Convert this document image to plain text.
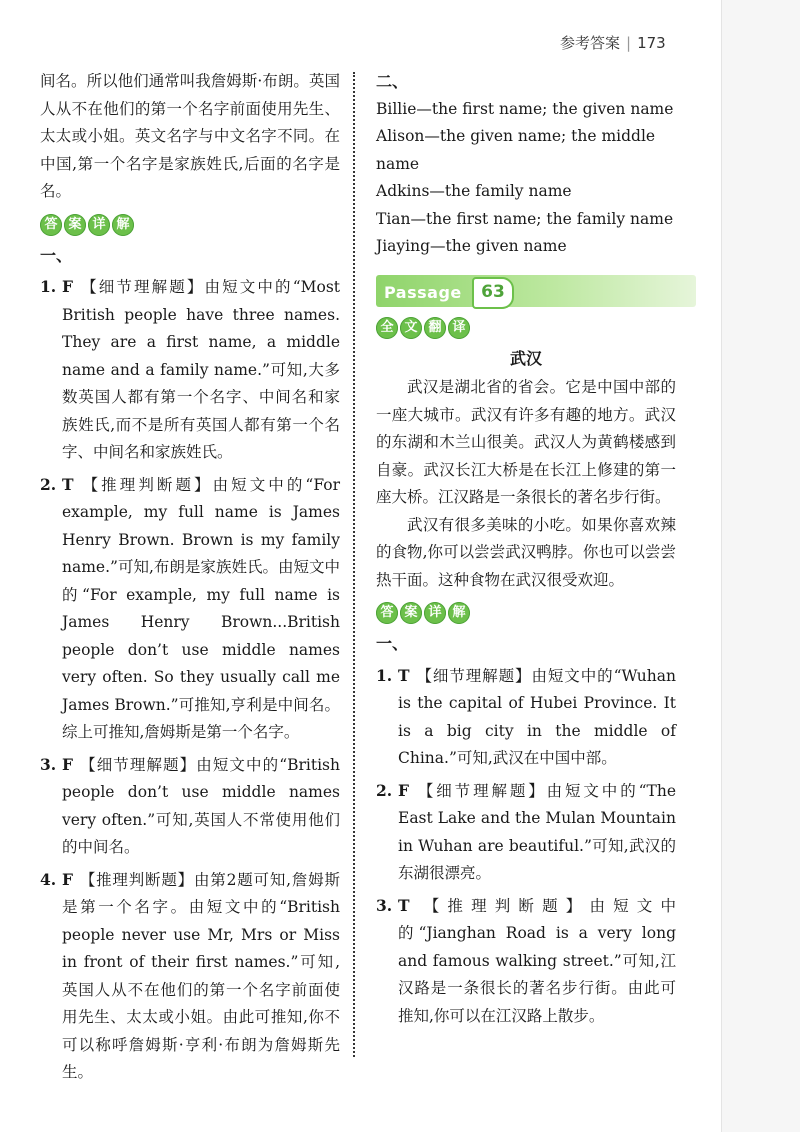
参考答案 | 173

间名。所以他们通常叫我詹姆斯·布朗。英国人从不在他们的第一个名字前面使用先生、太太或小姐。英文名字与中文名字不同。在中国,第一个名字是家族姓氏,后面的名字是名。

答 案 详 解
一、
1. F 【细节理解题】由短文中的“Most British people have three names. They are a first name, a middle name and a family name.”可知,大多数英国人都有第一个名字、中间名和家族姓氏,而不是所有英国人都有第一个名字、中间名和家族姓氏。
2. T 【推理判断题】由短文中的“For example, my full name is James Henry Brown. Brown is my family name.”可知,布朗是家族姓氏。由短文中的“For example, my full name is James Henry Brown...British people don’t use middle names very often. So they usually call me James Brown.”可推知,亨利是中间名。综上可推知,詹姆斯是第一个名字。
3. F 【细节理解题】由短文中的“British people don’t use middle names very often.”可知,英国人不常使用他们的中间名。
4. F 【推理判断题】由第2题可知,詹姆斯是第一个名字。由短文中的“British people never use Mr, Mrs or Miss in front of their first names.”可知,英国人从不在他们的第一个名字前面使用先生、太太或小姐。由此可推知,你不可以称呼詹姆斯·亨利·布朗为詹姆斯先生。
二、

Billie—the first name; the given name

Alison—the given name; the middle name

Adkins—the family name

Tian—the first name; the family name

Jiaying—the given name

Passage	63
全 文 翻 译
武汉

武汉是湖北省的省会。它是中国中部的一座大城市。武汉有许多有趣的地方。武汉的东湖和木兰山很美。武汉人为黄鹤楼感到自豪。武汉长江大桥是在长江上修建的第一座大桥。江汉路是一条很长的著名步行街。

武汉有很多美味的小吃。如果你喜欢辣的食物,你可以尝尝武汉鸭脖。你也可以尝尝热干面。这种食物在武汉很受欢迎。

答 案 详 解
一、
1. T 【细节理解题】由短文中的“Wuhan is the capital of Hubei Province. It is a big city in the middle of China.”可知,武汉在中国中部。
2. F 【细节理解题】由短文中的“The East Lake and the Mulan Mountain in Wuhan are beautiful.”可知,武汉的东湖很漂亮。
3. T 【推理判断题】由短文中的“Jianghan Road is a very long and famous walking street.”可知,江汉路是一条很长的著名步行街。由此可推知,你可以在江汉路上散步。
